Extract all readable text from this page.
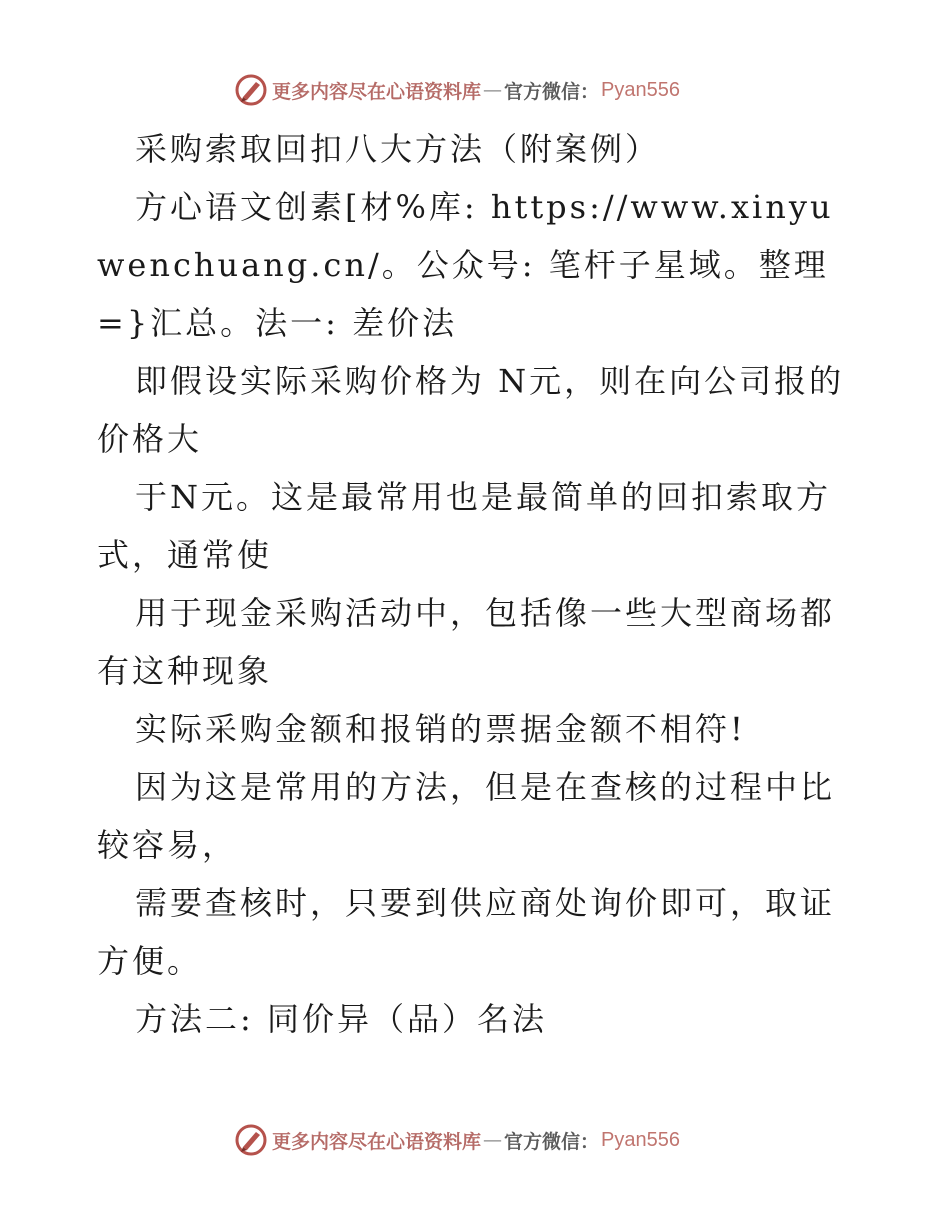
更多内容尽在心语资料库 — 官方微信： Pyan556

采购索取回扣八大方法（附案例）

方心语文创素[材%库: https://www.xinyuwenchuang.cn/。公众号: 笔杆子星域。整理=}汇总。法一: 差价法

即假设实际采购价格为 N元，则在向公司报的价格大

于N元。这是最常用也是最简单的回扣索取方式，通常使

用于现金采购活动中，包括像一些大型商场都有这种现象

实际采购金额和报销的票据金额不相符!

因为这是常用的方法，但是在查核的过程中比较容易，

需要查核时，只要到供应商处询价即可，取证方便。

方法二: 同价异（品）名法

更多内容尽在心语资料库 — 官方微信： Pyan556
